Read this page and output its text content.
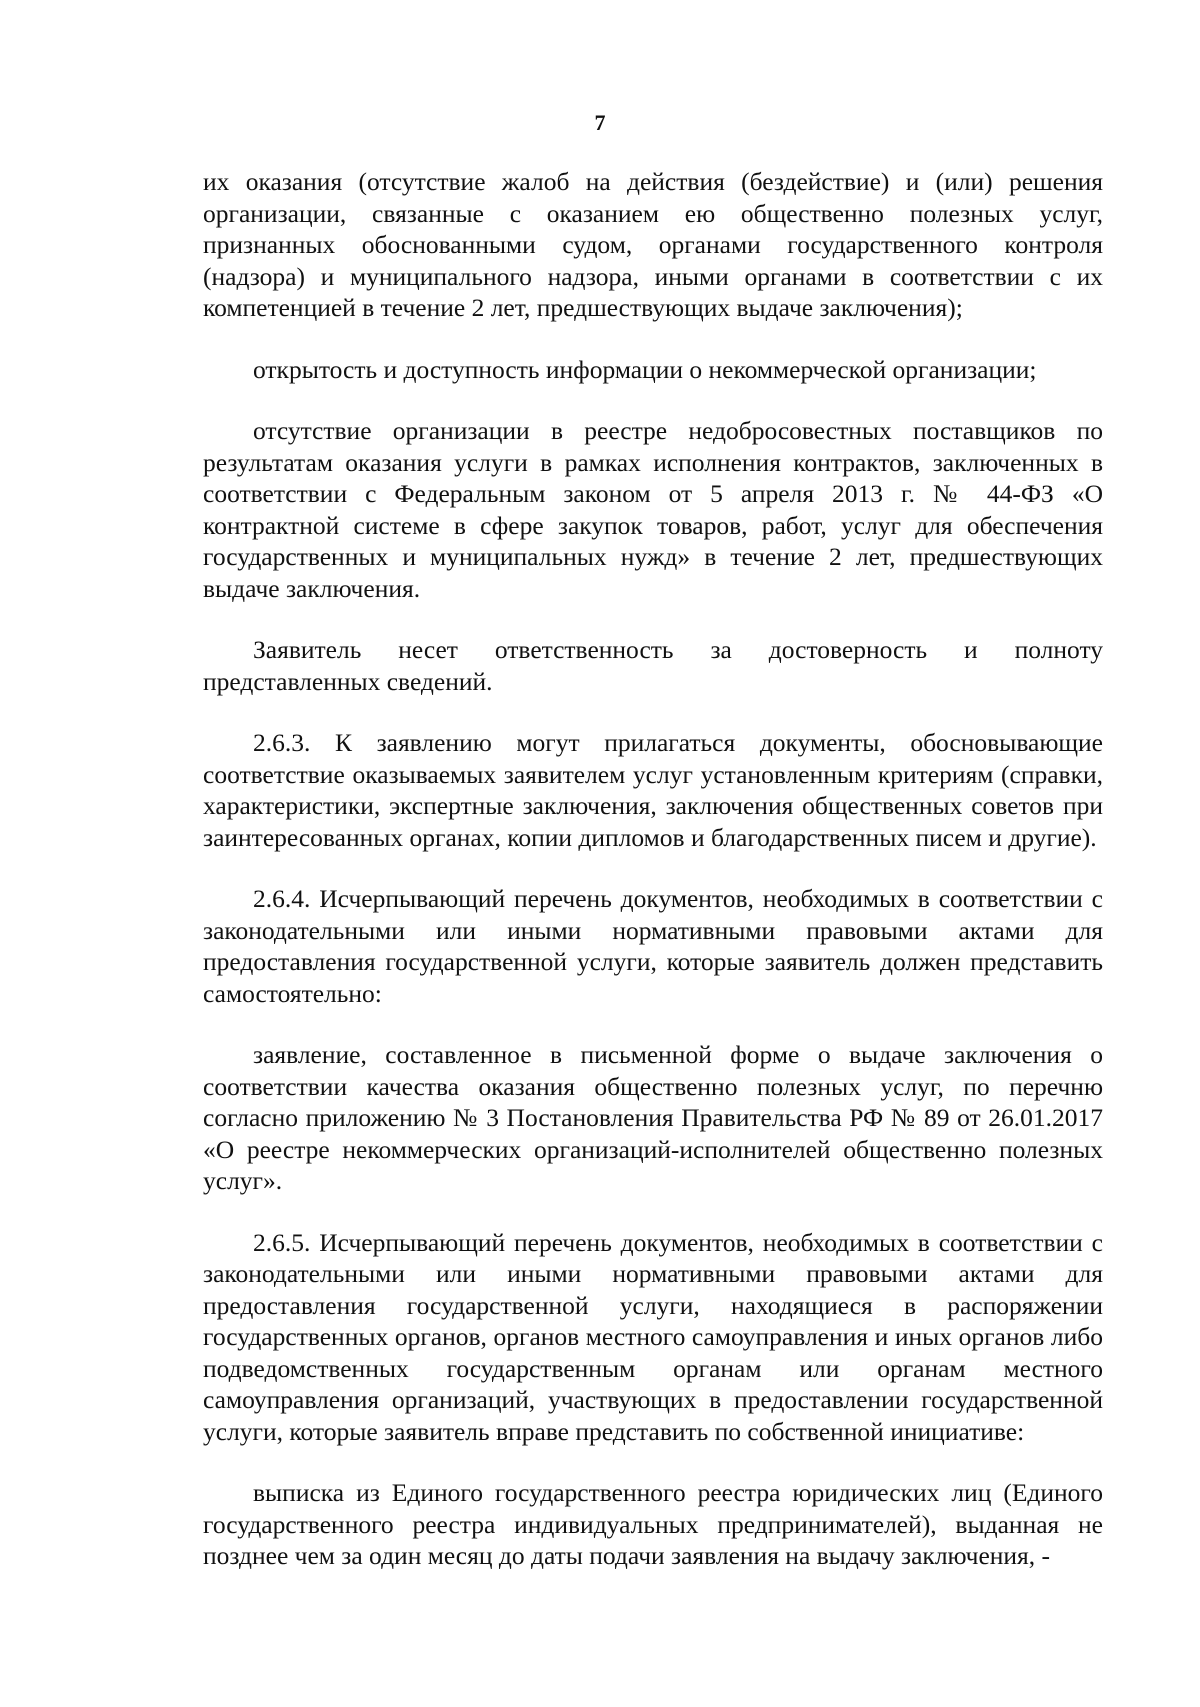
7

их оказания (отсутствие жалоб на действия (бездействие) и (или) решения организации, связанные с оказанием ею общественно полезных услуг, признанных обоснованными судом, органами государственного контроля (надзора) и муниципального надзора, иными органами в соответствии с их компетенцией в течение 2 лет, предшествующих выдаче заключения);

открытость и доступность информации о некоммерческой организации;

отсутствие организации в реестре недобросовестных поставщиков по результатам оказания услуги в рамках исполнения контрактов, заключенных в соответствии с Федеральным законом от 5 апреля 2013 г. № 44-ФЗ «О контрактной системе в сфере закупок товаров, работ, услуг для обеспечения государственных и муниципальных нужд» в течение 2 лет, предшествующих выдаче заключения.

Заявитель несет ответственность за достоверность и полноту представленных сведений.

2.6.3. К заявлению могут прилагаться документы, обосновывающие соответствие оказываемых заявителем услуг установленным критериям (справки, характеристики, экспертные заключения, заключения общественных советов при заинтересованных органах, копии дипломов и благодарственных писем и другие).

2.6.4. Исчерпывающий перечень документов, необходимых в соответствии с законодательными или иными нормативными правовыми актами для предоставления государственной услуги, которые заявитель должен представить самостоятельно:

заявление, составленное в письменной форме о выдаче заключения о соответствии качества оказания общественно полезных услуг, по перечню согласно приложению № 3 Постановления Правительства РФ № 89 от 26.01.2017 «О реестре некоммерческих организаций-исполнителей общественно полезных услуг».

2.6.5. Исчерпывающий перечень документов, необходимых в соответствии с законодательными или иными нормативными правовыми актами для предоставления государственной услуги, находящиеся в распоряжении государственных органов, органов местного самоуправления и иных органов либо подведомственных государственным органам или органам местного самоуправления организаций, участвующих в предоставлении государственной услуги, которые заявитель вправе представить по собственной инициативе:

выписка из Единого государственного реестра юридических лиц (Единого государственного реестра индивидуальных предпринимателей), выданная не позднее чем за один месяц до даты подачи заявления на выдачу заключения, -
